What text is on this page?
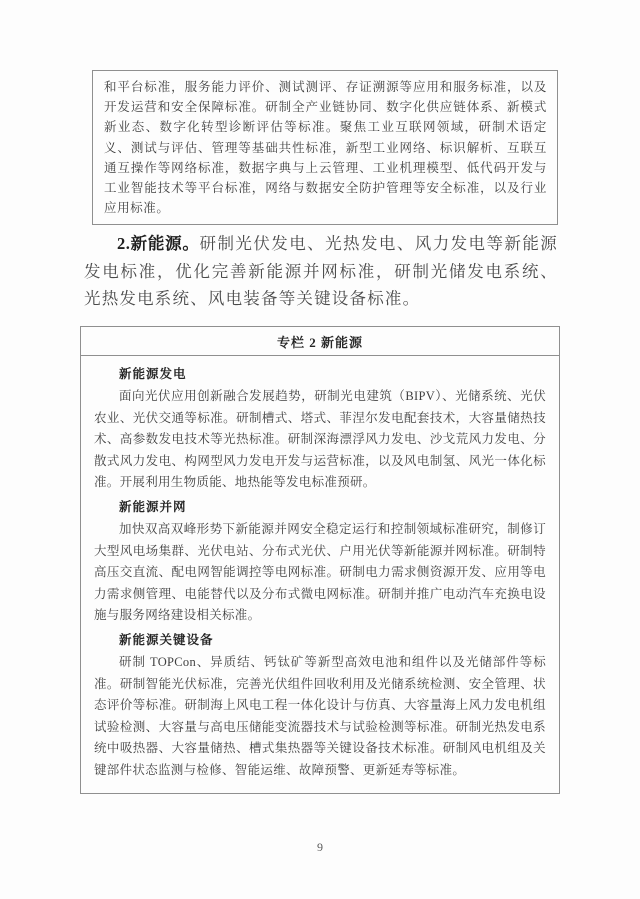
和平台标准，服务能力评价、测试测评、存证溯源等应用和服务标准，以及开发运营和安全保障标准。研制全产业链协同、数字化供应链体系、新模式新业态、数字化转型诊断评估等标准。聚焦工业互联网领域，研制术语定义、测试与评估、管理等基础共性标准，新型工业网络、标识解析、互联互通互操作等网络标准，数据字典与上云管理、工业机理模型、低代码开发与工业智能技术等平台标准，网络与数据安全防护管理等安全标准，以及行业应用标准。

2.新能源。研制光伏发电、光热发电、风力发电等新能源发电标准，优化完善新能源并网标准，研制光储发电系统、光热发电系统、风电装备等关键设备标准。

专栏 2 新能源
新能源发电

面向光伏应用创新融合发展趋势，研制光电建筑（BIPV）、光储系统、光伏农业、光伏交通等标准。研制槽式、塔式、菲涅尔发电配套技术，大容量储热技术、高参数发电技术等光热标准。研制深海漂浮风力发电、沙戈荒风力发电、分散式风力发电、构网型风力发电开发与运营标准，以及风电制氢、风光一体化标准。开展利用生物质能、地热能等发电标准预研。

新能源并网

加快双高双峰形势下新能源并网安全稳定运行和控制领域标准研究，制修订大型风电场集群、光伏电站、分布式光伏、户用光伏等新能源并网标准。研制特高压交直流、配电网智能调控等电网标准。研制电力需求侧资源开发、应用等电力需求侧管理、电能替代以及分布式微电网标准。研制并推广电动汽车充换电设施与服务网络建设相关标准。

新能源关键设备

研制 TOPCon、异质结、钙钛矿等新型高效电池和组件以及光储部件等标准。研制智能光伏标准，完善光伏组件回收利用及光储系统检测、安全管理、状态评价等标准。研制海上风电工程一体化设计与仿真、大容量海上风力发电机组试验检测、大容量与高电压储能变流器技术与试验检测等标准。研制光热发电系统中吸热器、大容量储热、槽式集热器等关键设备技术标准。研制风电机组及关键部件状态监测与检修、智能运维、故障预警、更新延寿等标准。

9
